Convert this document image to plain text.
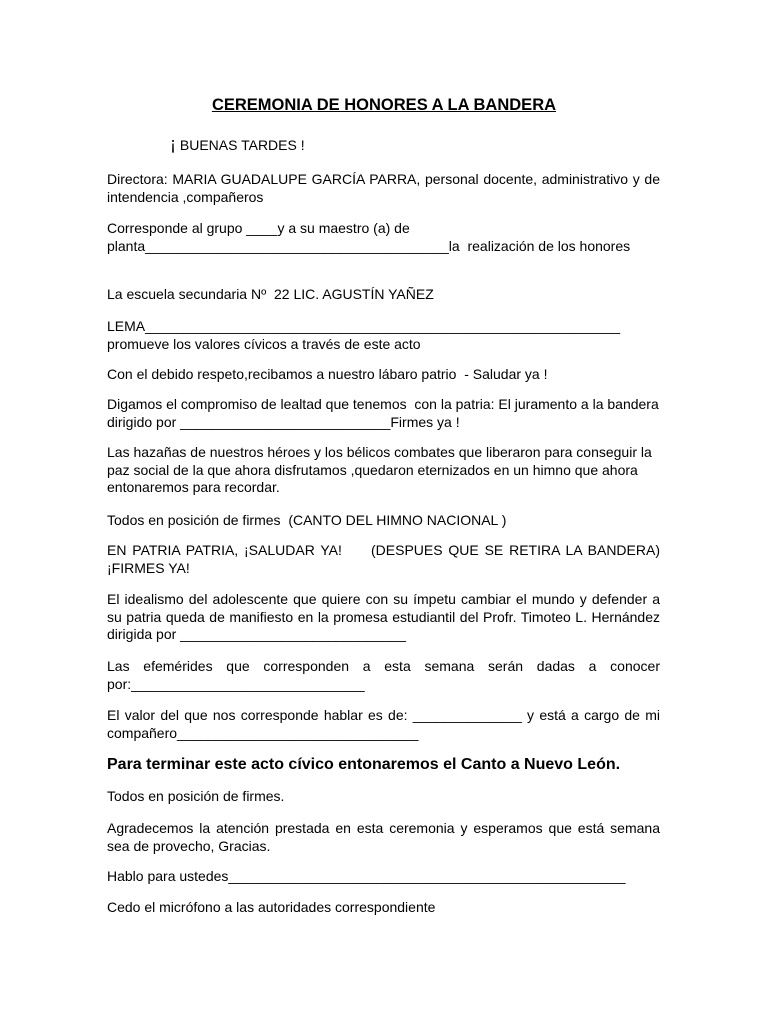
CEREMONIA DE HONORES A LA BANDERA
¡ BUENAS TARDES !
Directora: MARIA GUADALUPE GARCÍA PARRA, personal docente, administrativo y de intendencia ,compañeros
Corresponde al grupo ____y a su maestro (a) de planta_______________________________________la  realización de los honores
La escuela secundaria Nº  22 LIC. AGUSTÍN YAÑEZ
LEMA_____________________________________________________________ promueve los valores cívicos a través de este acto
Con el debido respeto,recibamos a nuestro lábaro patrio  - Saludar ya !
Digamos el compromiso de lealtad que tenemos  con la patria: El juramento a la bandera dirigido por ___________________________Firmes ya !
Las hazañas de nuestros héroes y los bélicos combates que liberaron para conseguir la paz social de la que ahora disfrutamos ,quedaron eternizados en un himno que ahora entonaremos para recordar.
Todos en posición de firmes  (CANTO DEL HIMNO NACIONAL )
EN PATRIA PATRIA, ¡SALUDAR YA!     (DESPUES QUE SE RETIRA LA BANDERA)  ¡FIRMES YA!
El idealismo del adolescente que quiere con su ímpetu cambiar el mundo y defender a su patria queda de manifiesto en la promesa estudiantil del Profr. Timoteo L. Hernández dirigida por _____________________________
Las efemérides que corresponden a esta semana serán dadas a conocer por:______________________________
El valor del que nos corresponde hablar es de: ______________ y está a cargo de mi compañero_______________________________
Para terminar este acto cívico entonaremos el Canto a Nuevo León.
Todos en posición de firmes.
Agradecemos la atención prestada en esta ceremonia y esperamos que está semana sea de provecho, Gracias.
Hablo para ustedes___________________________________________________
Cedo el micrófono a las autoridades correspondiente
